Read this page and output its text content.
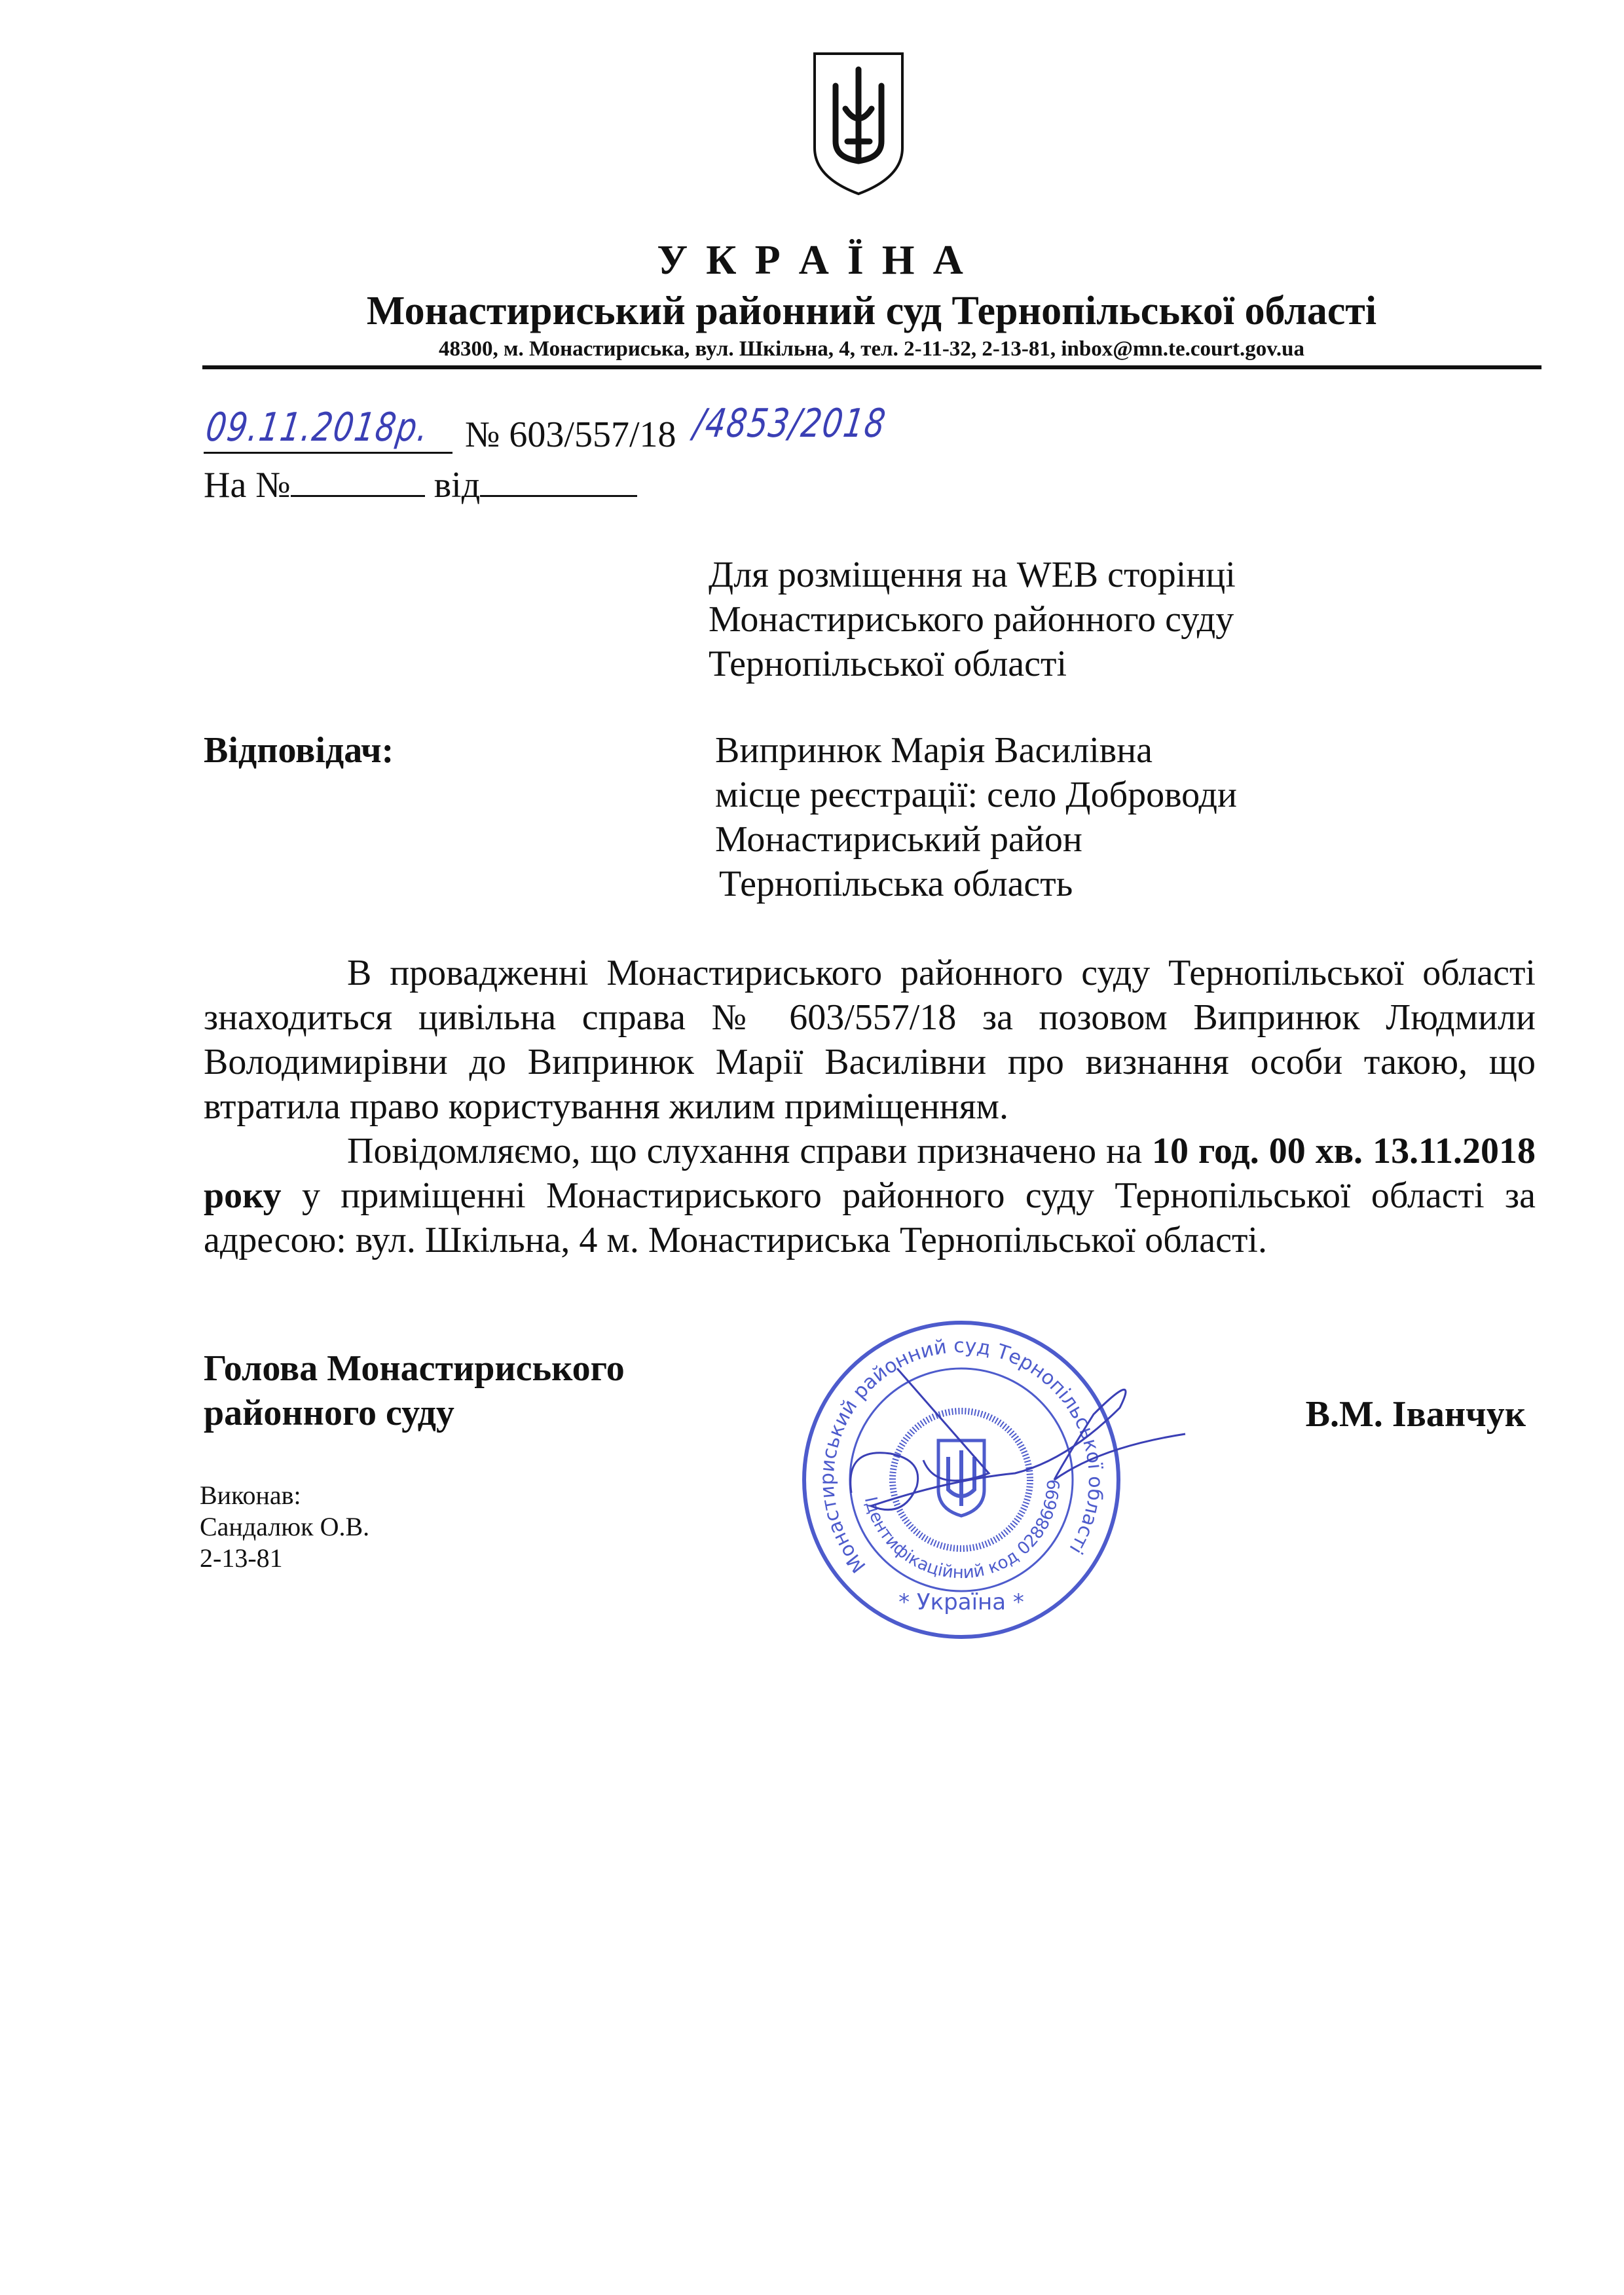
У К Р А Ї Н А
Монастириський районний суд Тернопільської області
48300, м. Монастириська, вул. Шкільна, 4, тел. 2-11-32, 2-13-81, inbox@mn.te.court.gov.ua
09.11.2018р. № 603/557/18 /4853/2018
На №	від
Для розміщення на WEB сторінці
Монастириського районного суду
Тернопільської області
Відповідач:	Випринюк Марія Василівна
місце реєстрації: село Доброводи
Монастириський район
Тернопільська область

В провадженні Монастириського районного суду Тернопільської області знаходиться цивільна справа № 603/557/18 за позовом Випринюк Людмили Володимирівни до Випринюк Марії Василівни про визнання особи такою, що втратила право користування жилим приміщенням.

Повідомляємо, що слухання справи призначено на 10 год. 00 хв. 13.11.2018 року у приміщенні Монастириського районного суду Тернопільської області за адресою: вул. Шкільна, 4 м. Монастириська Тернопільської області.

Голова Монастириського
районного суду	В.М. Іванчук
Монастириський районний суд Тернопільської області
Ідентифікаційний код 02886699
* Україна *
Виконав:
Сандалюк О.В.
2-13-81
